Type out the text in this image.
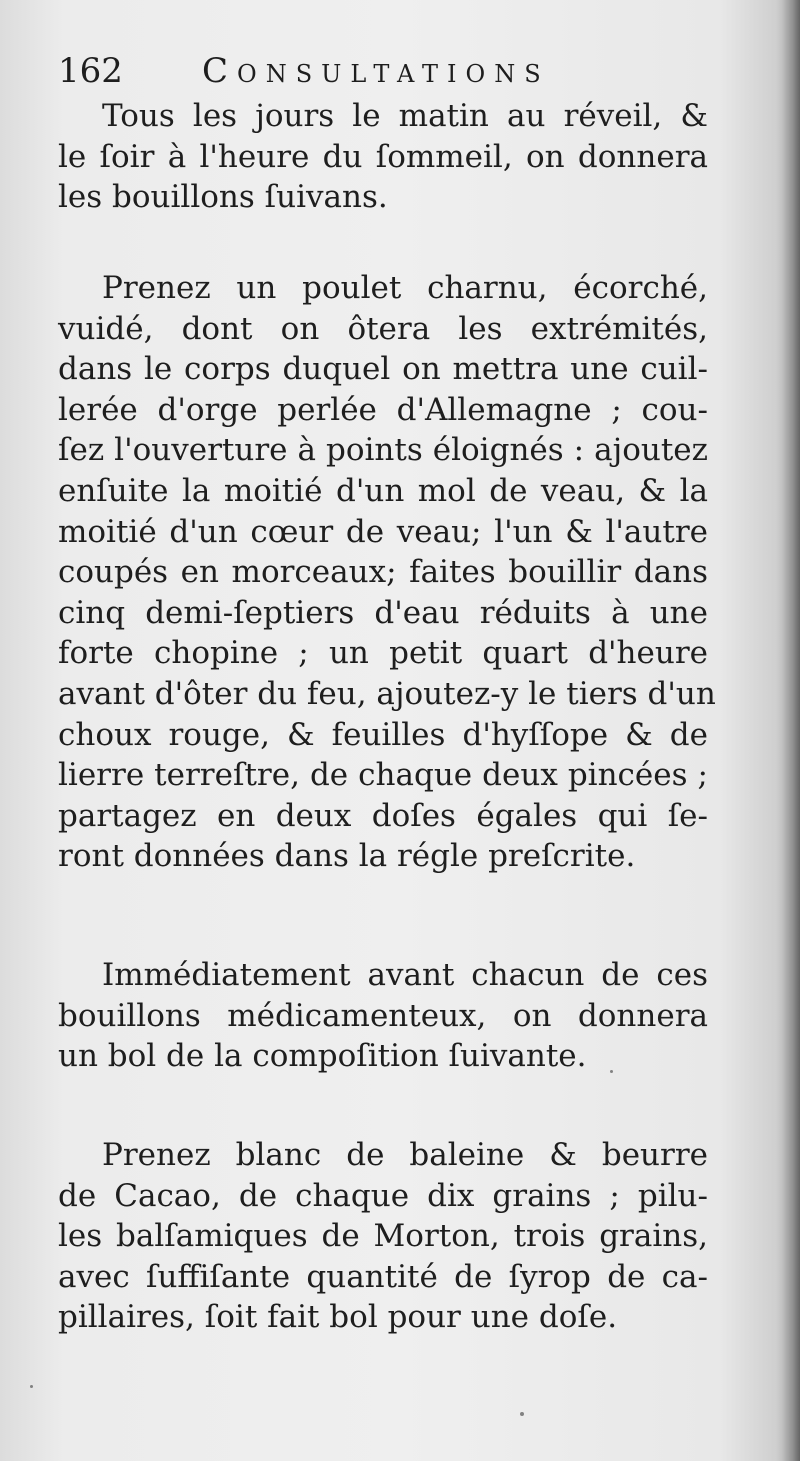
162 Consultations
Tous les jours le matin au réveil, &
le ſoir à l'heure du ſommeil, on donnera
les bouillons ſuivans.
Prenez un poulet charnu, écorché,
vuidé, dont on ôtera les extrémités,
dans le corps duquel on mettra une cuil-
lerée d'orge perlée d'Allemagne ; cou-
ſez l'ouverture à points éloignés : ajoutez
enſuite la moitié d'un mol de veau, & la
moitié d'un cœur de veau; l'un & l'autre
coupés en morceaux; faites bouillir dans
cinq demi-ſeptiers d'eau réduits à une
forte chopine ; un petit quart d'heure
avant d'ôter du feu, ajoutez-y le tiers d'un
choux rouge, & feuilles d'hyſſope & de
lierre terreſtre, de chaque deux pincées ;
partagez en deux doſes égales qui ſe-
ront données dans la régle preſcrite.
Immédiatement avant chacun de ces
bouillons médicamenteux, on donnera
un bol de la compoſition ſuivante.
Prenez blanc de baleine & beurre
de Cacao, de chaque dix grains ; pilu-
les balſamiques de Morton, trois grains,
avec ſuffiſante quantité de ſyrop de ca-
pillaires, ſoit fait bol pour une doſe.
